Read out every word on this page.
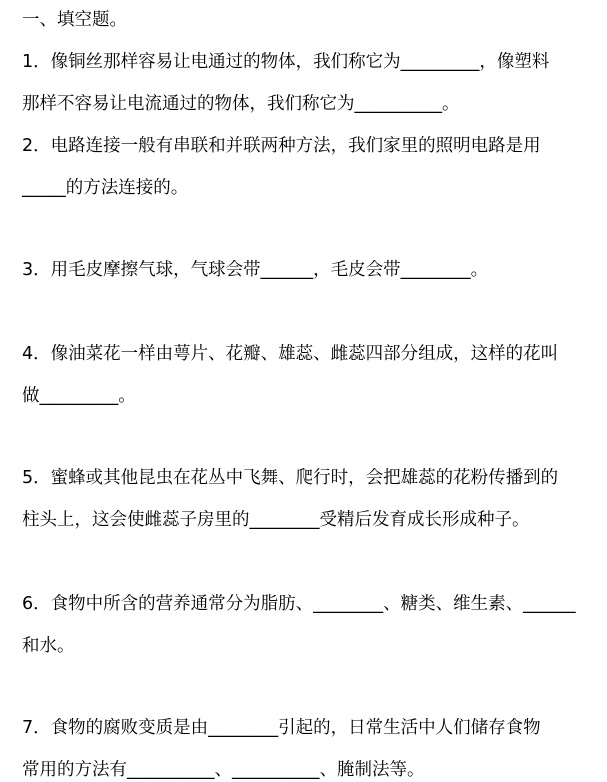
一、填空题。
1．像铜丝那样容易让电通过的物体，我们称它为_________，像塑料
那样不容易让电流通过的物体，我们称它为__________。
2．电路连接一般有串联和并联两种方法，我们家里的照明电路是用
_____的方法连接的。
3．用毛皮摩擦气球，气球会带______，毛皮会带________。
4．像油菜花一样由萼片、花瓣、雄蕊、雌蕊四部分组成，这样的花叫
做_________。
5．蜜蜂或其他昆虫在花丛中飞舞、爬行时，会把雄蕊的花粉传播到的
柱头上，这会使雌蕊子房里的________受精后发育成长形成种子。
6．食物中所含的营养通常分为脂肪、________、糖类、维生素、______
和水。
7．食物的腐败变质是由________引起的，日常生活中人们储存食物
常用的方法有__________、__________、腌制法等。
